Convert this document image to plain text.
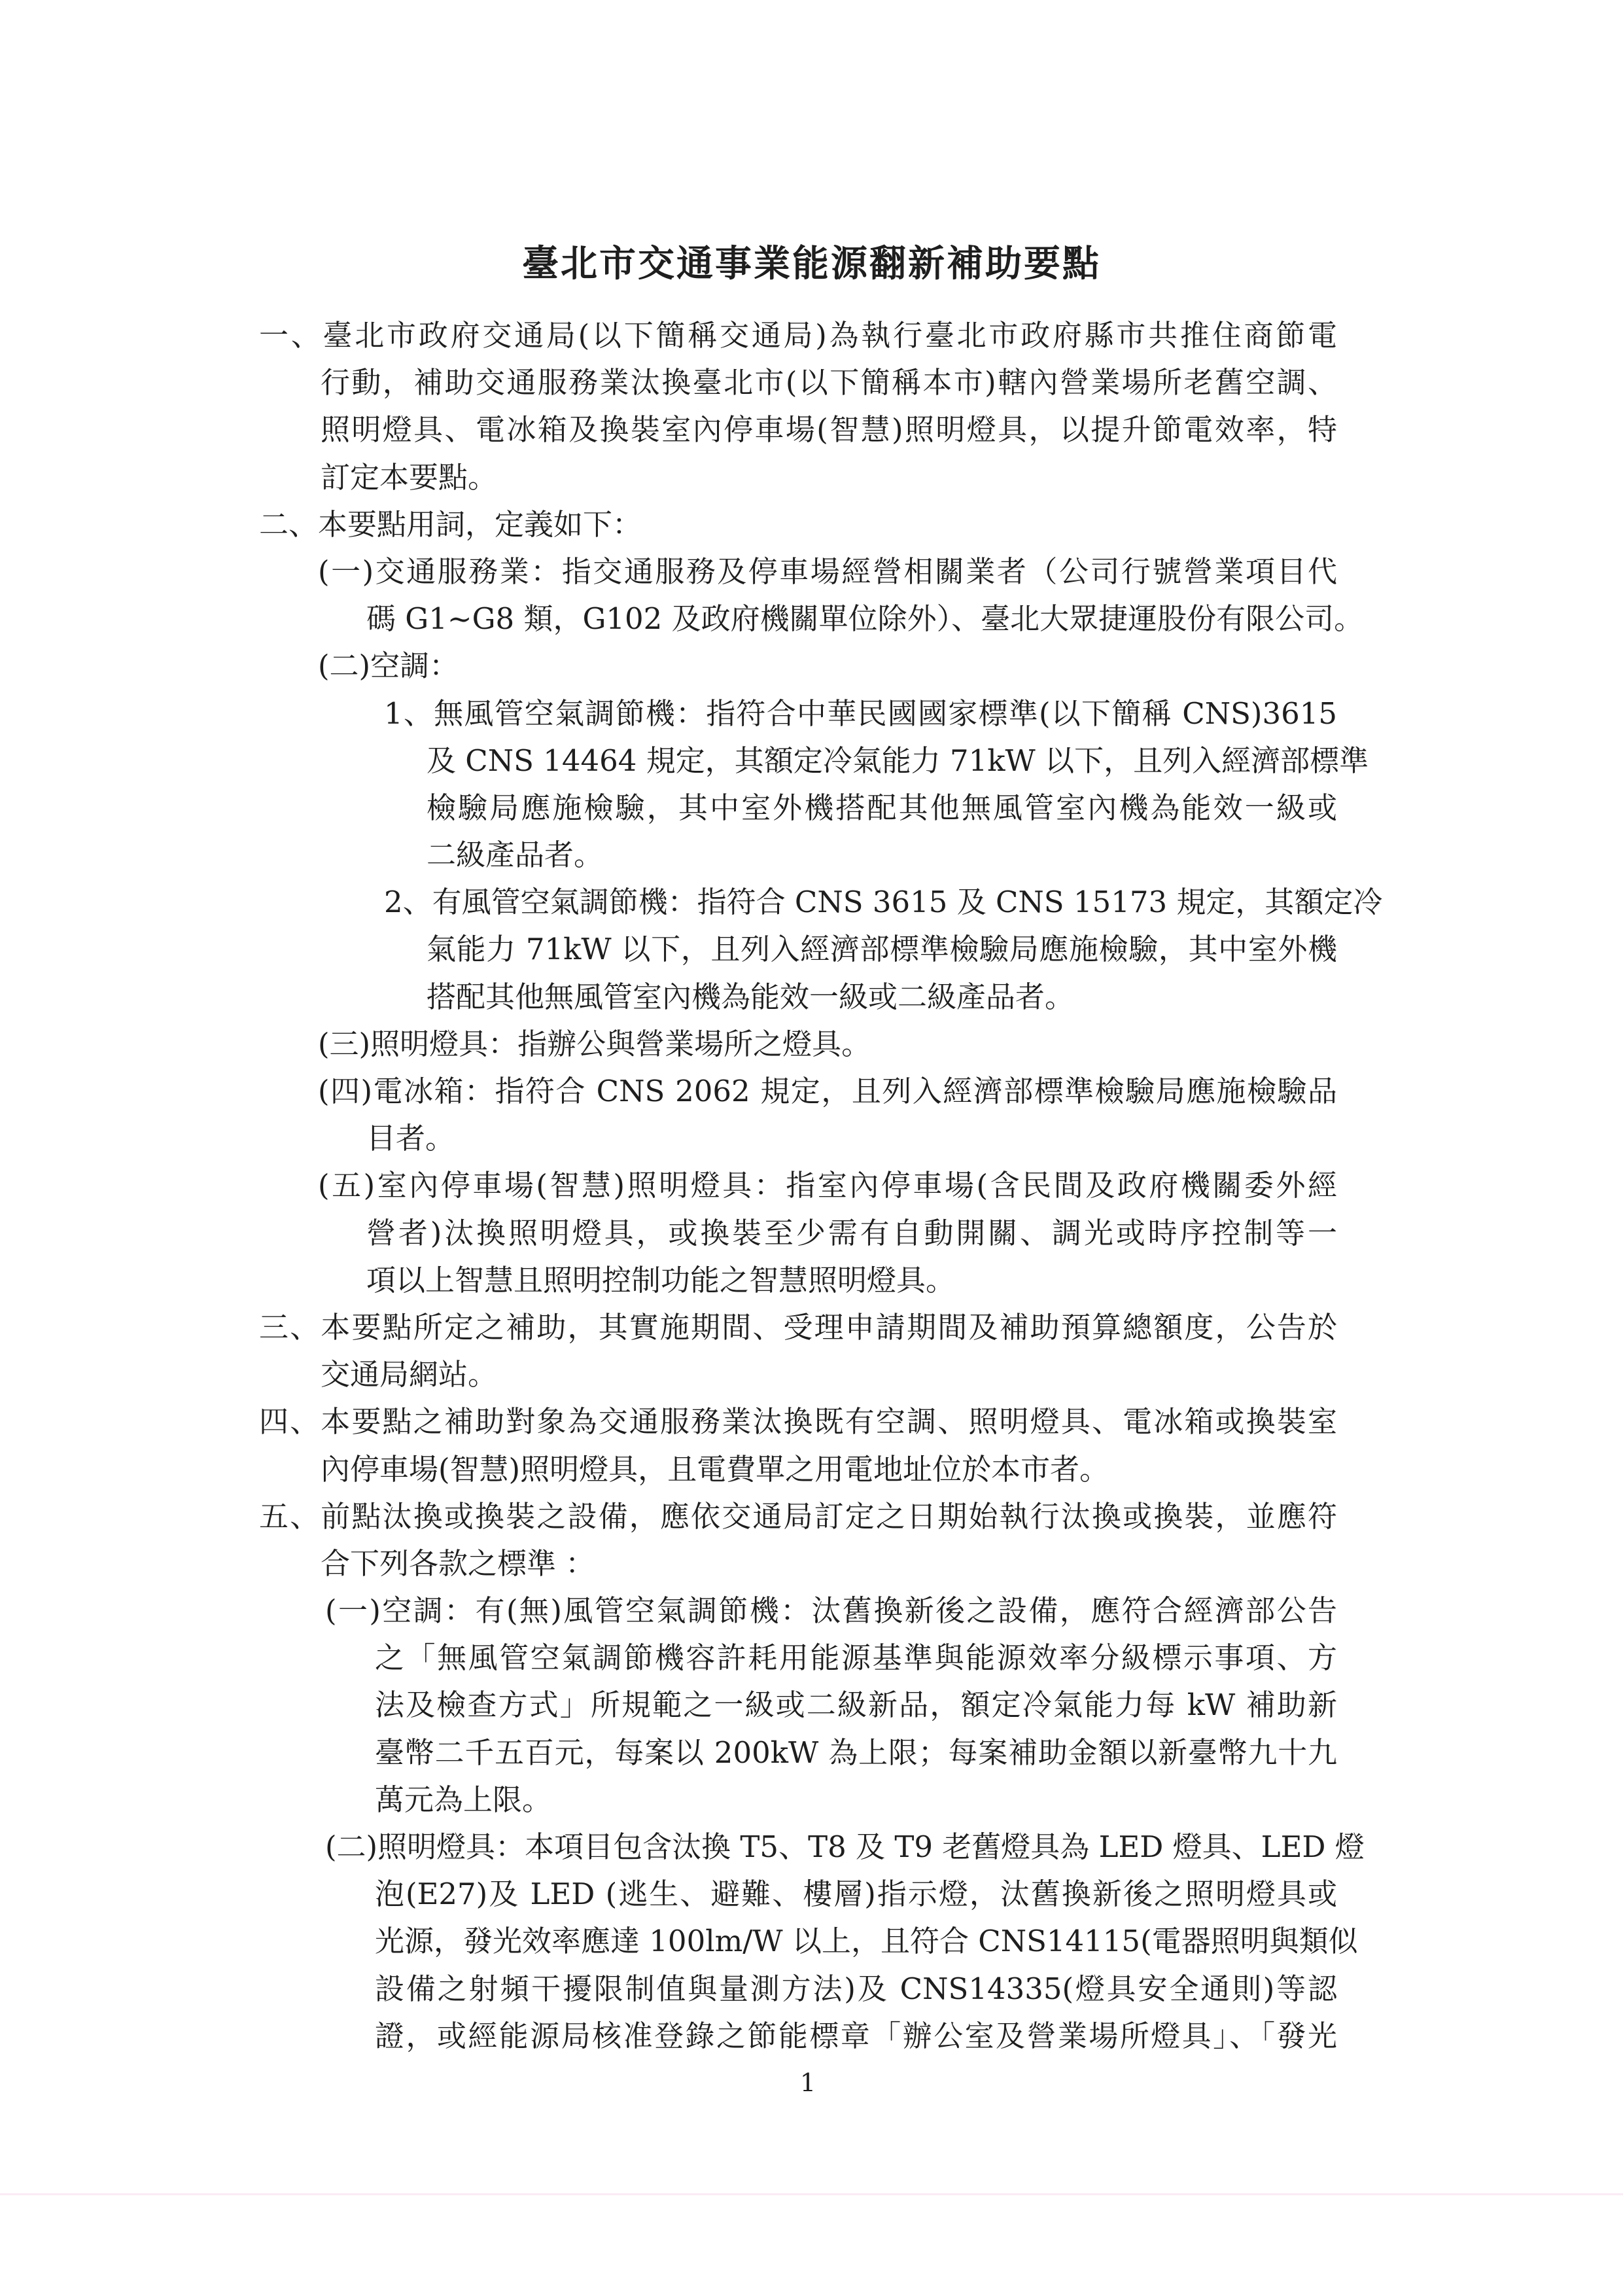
臺北市交通事業能源翻新補助要點
一、臺北市政府交通局(以下簡稱交通局)為執行臺北市政府縣市共推住商節電
行動，補助交通服務業汰換臺北市(以下簡稱本市)轄內營業場所老舊空調、
照明燈具、電冰箱及換裝室內停車場(智慧)照明燈具，以提升節電效率，特
訂定本要點。
二、本要點用詞，定義如下：
(一)交通服務業：指交通服務及停車場經營相關業者（公司行號營業項目代
碼 G1~G8 類，G102 及政府機關單位除外）、臺北大眾捷運股份有限公司。
(二)空調：
1、無風管空氣調節機：指符合中華民國國家標準(以下簡稱 CNS)3615
及 CNS 14464 規定，其額定冷氣能力 71kW 以下，且列入經濟部標準
檢驗局應施檢驗，其中室外機搭配其他無風管室內機為能效一級或
二級產品者。
2、有風管空氣調節機：指符合 CNS 3615 及 CNS 15173 規定，其額定冷
氣能力 71kW 以下，且列入經濟部標準檢驗局應施檢驗，其中室外機
搭配其他無風管室內機為能效一級或二級產品者。
(三)照明燈具：指辦公與營業場所之燈具。
(四)電冰箱：指符合 CNS 2062 規定，且列入經濟部標準檢驗局應施檢驗品
目者。
(五)室內停車場(智慧)照明燈具：指室內停車場(含民間及政府機關委外經
營者)汰換照明燈具，或換裝至少需有自動開關、調光或時序控制等一
項以上智慧且照明控制功能之智慧照明燈具。
三、本要點所定之補助，其實施期間、受理申請期間及補助預算總額度，公告於
交通局網站。
四、本要點之補助對象為交通服務業汰換既有空調、照明燈具、電冰箱或換裝室
內停車場(智慧)照明燈具，且電費單之用電地址位於本市者。
五、前點汰換或換裝之設備，應依交通局訂定之日期始執行汰換或換裝，並應符
合下列各款之標準 ：
(一)空調：有(無)風管空氣調節機：汰舊換新後之設備，應符合經濟部公告
之「無風管空氣調節機容許耗用能源基準與能源效率分級標示事項、方
法及檢查方式」所規範之一級或二級新品，額定冷氣能力每 kW 補助新
臺幣二千五百元，每案以 200kW 為上限；每案補助金額以新臺幣九十九
萬元為上限。
(二)照明燈具：本項目包含汰換 T5、T8 及 T9 老舊燈具為 LED 燈具、LED 燈
泡(E27)及 LED (逃生、避難、樓層)指示燈，汰舊換新後之照明燈具或
光源，發光效率應達 100lm/W 以上，且符合 CNS14115(電器照明與類似
設備之射頻干擾限制值與量測方法)及 CNS14335(燈具安全通則)等認
證，或經能源局核准登錄之節能標章「辦公室及營業場所燈具」、「發光
1
